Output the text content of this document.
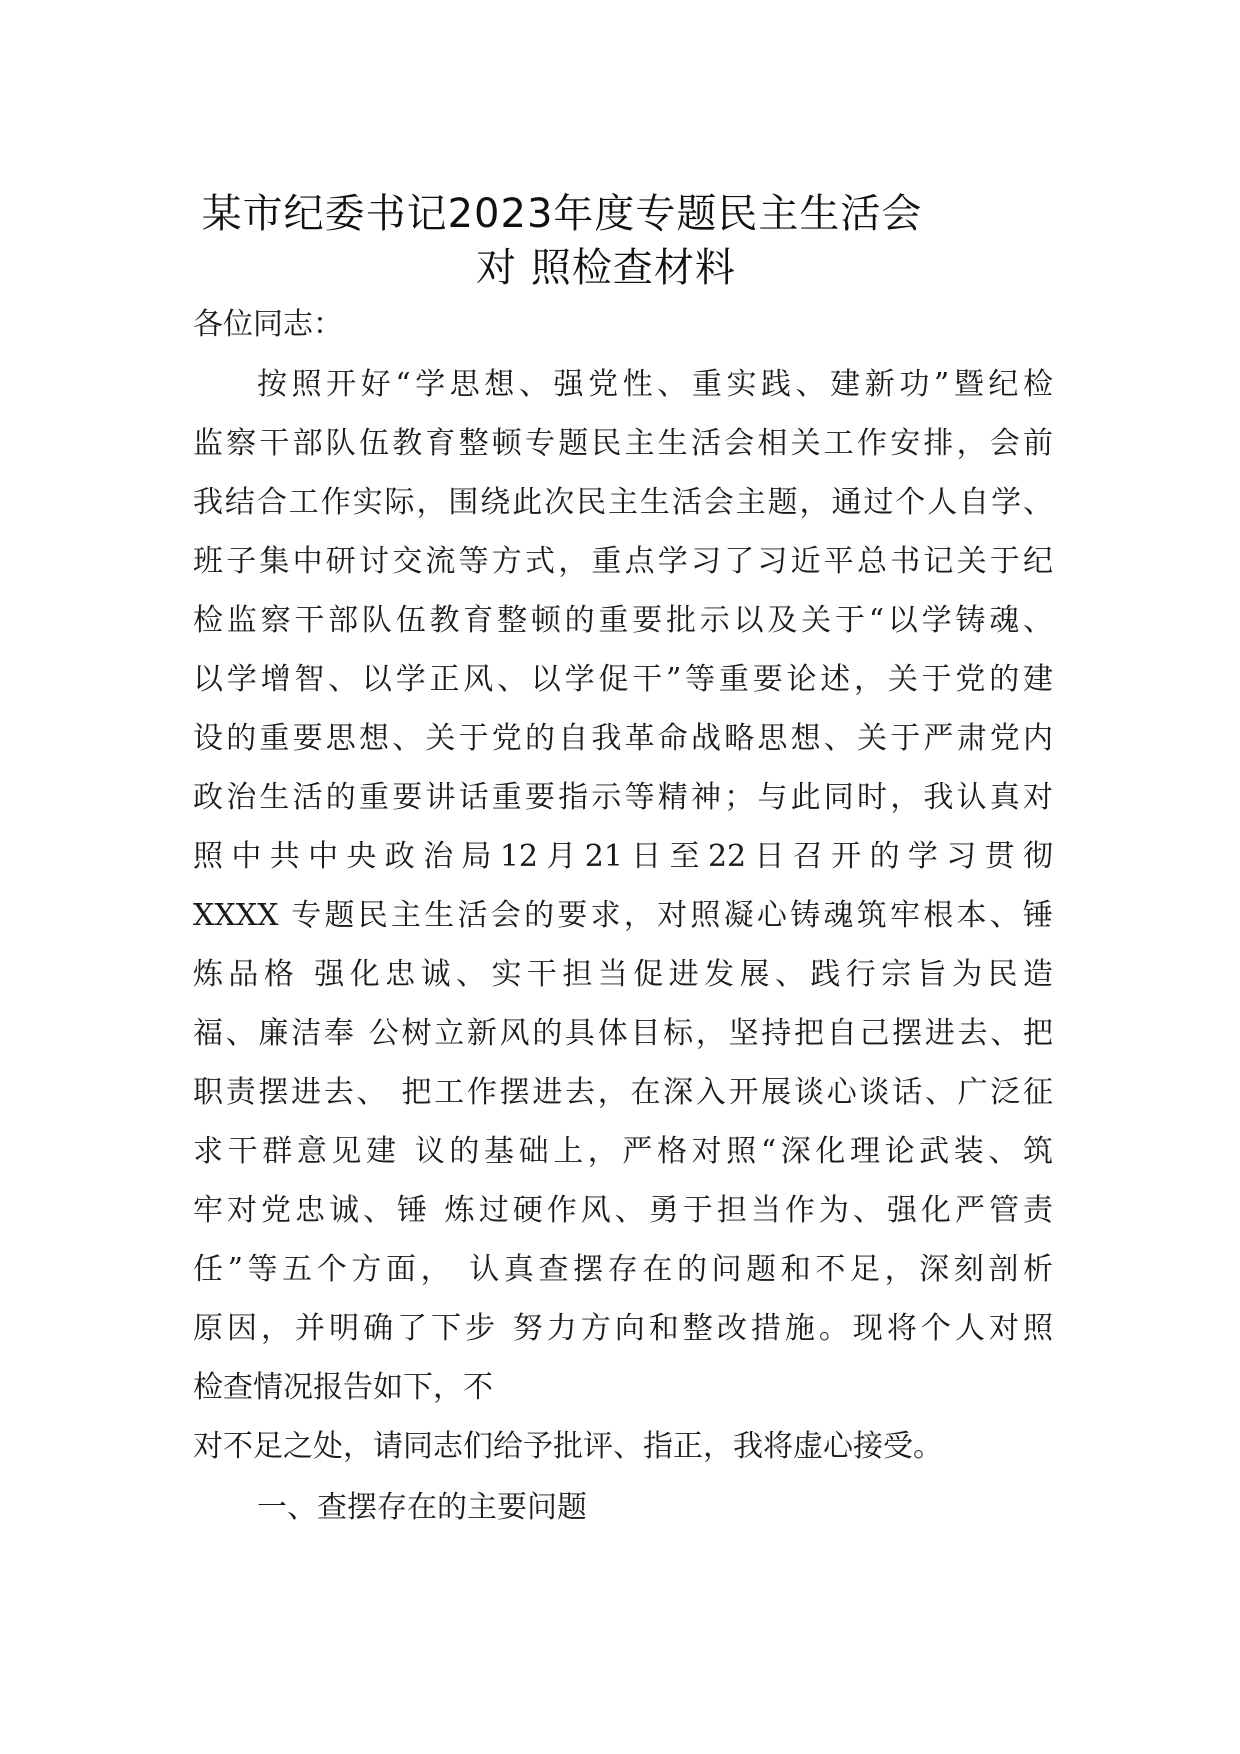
某市纪委书记2023年度专题民主生活会
对 照检查材料
各位同志：
按照开好“学思想、强党性、重实践、建新功”暨纪检
监察干部队伍教育整顿专题民主生活会相关工作安排，会前
我结合工作实际，围绕此次民主生活会主题，通过个人自学、
班子集中研讨交流等方式，重点学习了习近平总书记关于纪
检监察干部队伍教育整顿的重要批示以及关于“以学铸魂、
以学增智、以学正风、以学促干”等重要论述，关于党的建
设的重要思想、关于党的自我革命战略思想、关于严肃党内
政治生活的重要讲话重要指示等精神；与此同时，我认真对
照中共中央政治局12月21日至22日召开的学习贯彻
XXXX 专题民主生活会的要求，对照凝心铸魂筑牢根本、锤
炼品格 强化忠诚、实干担当促进发展、践行宗旨为民造
福、廉洁奉 公树立新风的具体目标，坚持把自己摆进去、把
职责摆进去、 把工作摆进去，在深入开展谈心谈话、广泛征
求干群意见建 议的基础上，严格对照“深化理论武装、筑
牢对党忠诚、锤 炼过硬作风、勇于担当作为、强化严管责
任”等五个方面， 认真查摆存在的问题和不足，深刻剖析
原因，并明确了下步 努力方向和整改措施。现将个人对照
检查情况报告如下，不
对不足之处，请同志们给予批评、指正，我将虚心接受。
一、查摆存在的主要问题
